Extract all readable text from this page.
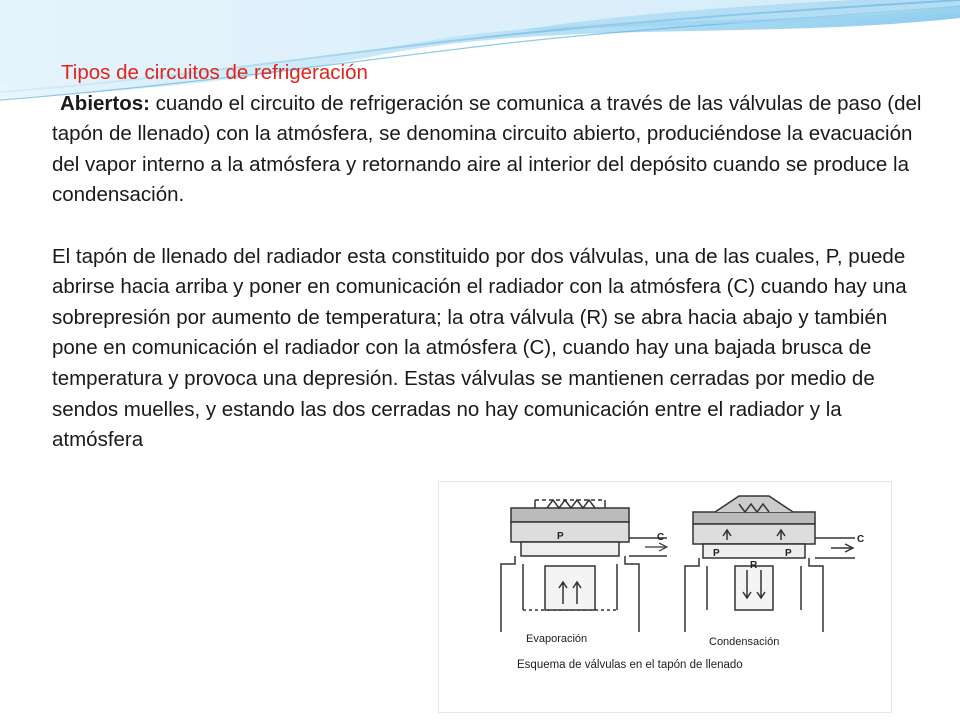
Tipos de circuitos de refrigeración

Abiertos: cuando el circuito de refrigeración se comunica a través de las válvulas de paso (del tapón de llenado) con la atmósfera, se denomina circuito abierto, produciéndose la evacuación del vapor interno a la atmósfera y retornando aire al interior del depósito cuando se produce la condensación.

El tapón de llenado del radiador esta constituido por dos válvulas, una de las cuales, P, puede abrirse hacia arriba y poner en comunicación el radiador con la atmósfera (C) cuando hay una sobrepresión por aumento de temperatura; la otra válvula (R) se abra hacia abajo y también pone en comunicación el radiador con la atmósfera (C), cuando hay una bajada brusca de temperatura y provoca una depresión. Estas válvulas se mantienen cerradas por medio de sendos muelles, y estando las dos cerradas no hay comunicación entre el radiador y la atmósfera

P	C
P	P
R
C
Evaporación	Condensación
Esquema de válvulas en el tapón de llenado
